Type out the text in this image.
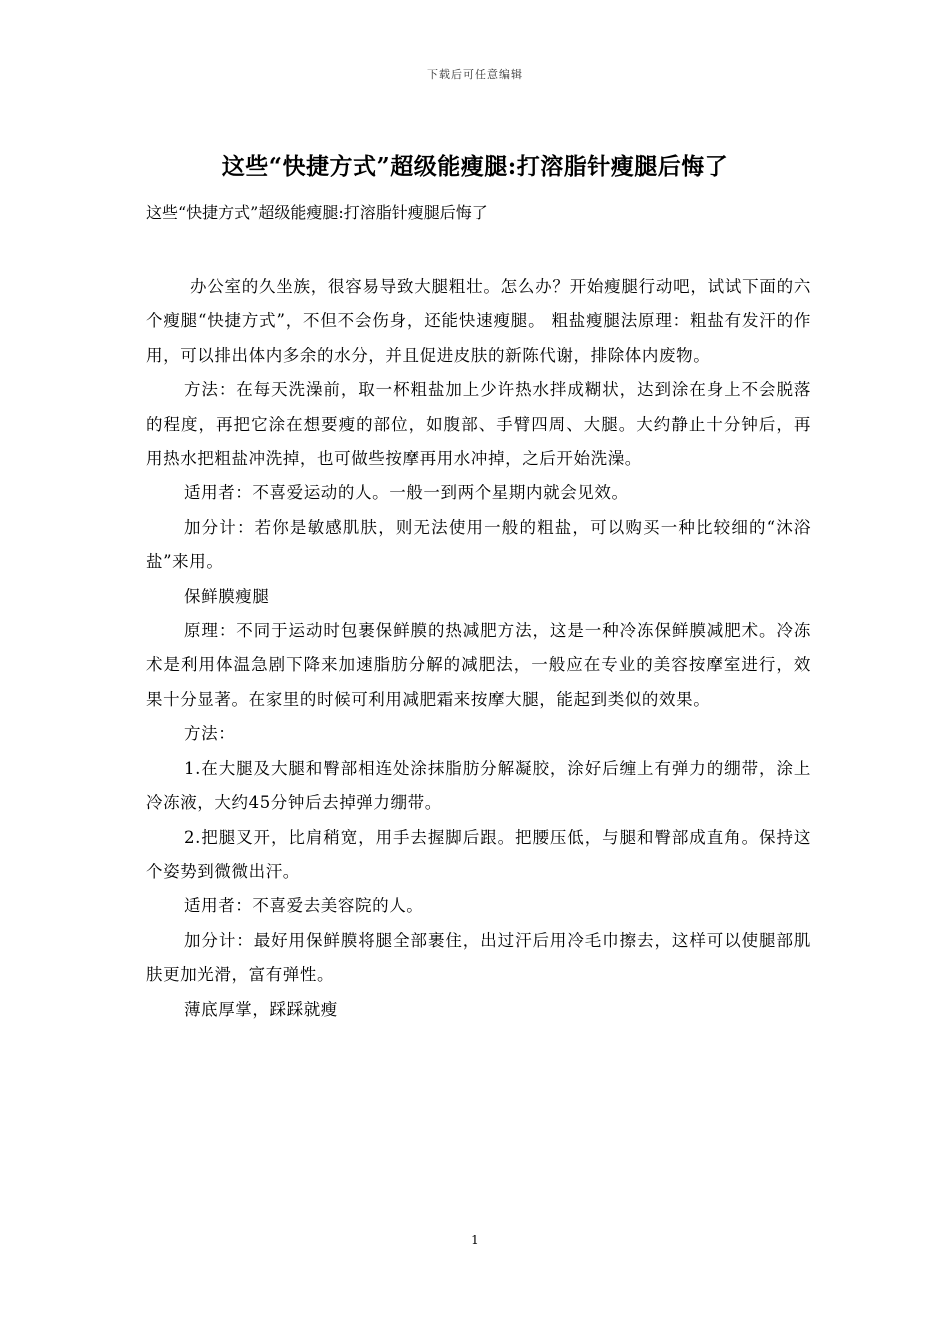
下载后可任意编辑
这些“快捷方式”超级能瘦腿:打溶脂针瘦腿后悔了
这些“快捷方式”超级能瘦腿:打溶脂针瘦腿后悔了

办公室的久坐族，很容易导致大腿粗壮。怎么办？开始瘦腿行动吧，试试下面的六个瘦腿“快捷方式”，不但不会伤身，还能快速瘦腿。 粗盐瘦腿法原理：粗盐有发汗的作用，可以排出体内多余的水分，并且促进皮肤的新陈代谢，排除体内废物。

方法：在每天洗澡前，取一杯粗盐加上少许热水拌成糊状，达到涂在身上不会脱落的程度，再把它涂在想要瘦的部位，如腹部、手臂四周、大腿。大约静止十分钟后，再用热水把粗盐冲洗掉，也可做些按摩再用水冲掉，之后开始洗澡。

适用者：不喜爱运动的人。一般一到两个星期内就会见效。

加分计：若你是敏感肌肤，则无法使用一般的粗盐，可以购买一种比较细的“沐浴盐”来用。

保鲜膜瘦腿

原理：不同于运动时包裹保鲜膜的热减肥方法，这是一种冷冻保鲜膜减肥术。冷冻术是利用体温急剧下降来加速脂肪分解的减肥法，一般应在专业的美容按摩室进行，效果十分显著。在家里的时候可利用减肥霜来按摩大腿，能起到类似的效果。

方法：

1.在大腿及大腿和臀部相连处涂抹脂肪分解凝胶，涂好后缠上有弹力的绷带，涂上冷冻液，大约45分钟后去掉弹力绷带。

2.把腿叉开，比肩稍宽，用手去握脚后跟。把腰压低，与腿和臀部成直角。保持这个姿势到微微出汗。

适用者：不喜爱去美容院的人。

加分计：最好用保鲜膜将腿全部裹住，出过汗后用冷毛巾擦去，这样可以使腿部肌肤更加光滑，富有弹性。

薄底厚掌，踩踩就瘦

1
